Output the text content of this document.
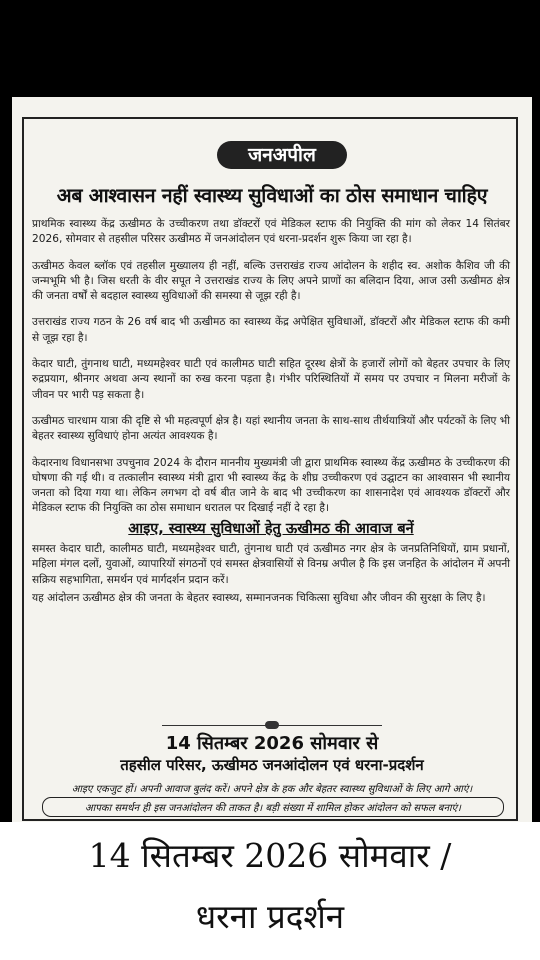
जनअपील
अब आश्वासन नहीं स्वास्थ्य सुविधाओं का ठोस समाधान चाहिए

प्राथमिक स्वास्थ्य केंद्र ऊखीमठ के उच्चीकरण तथा डॉक्टरों एवं मेडिकल स्टाफ की नियुक्ति की मांग को लेकर 14 सितंबर 2026, सोमवार से तहसील परिसर ऊखीमठ में जनआंदोलन एवं धरना-प्रदर्शन शुरू किया जा रहा है।

ऊखीमठ केवल ब्लॉक एवं तहसील मुख्यालय ही नहीं, बल्कि उत्तराखंड राज्य आंदोलन के शहीद स्व. अशोक कैशिव जी की जन्मभूमि भी है। जिस धरती के वीर सपूत ने उत्तराखंड राज्य के लिए अपने प्राणों का बलिदान दिया, आज उसी ऊखीमठ क्षेत्र की जनता वर्षों से बदहाल स्वास्थ्य सुविधाओं की समस्या से जूझ रही है।

उत्तराखंड राज्य गठन के 26 वर्ष बाद भी ऊखीमठ का स्वास्थ्य केंद्र अपेक्षित सुविधाओं, डॉक्टरों और मेडिकल स्टाफ की कमी से जूझ रहा है।

केदार घाटी, तुंगनाथ घाटी, मध्यमहेश्वर घाटी एवं कालीमठ घाटी सहित दूरस्थ क्षेत्रों के हजारों लोगों को बेहतर उपचार के लिए रुद्रप्रयाग, श्रीनगर अथवा अन्य स्थानों का रुख करना पड़ता है। गंभीर परिस्थितियों में समय पर उपचार न मिलना मरीजों के जीवन पर भारी पड़ सकता है।

ऊखीमठ चारधाम यात्रा की दृष्टि से भी महत्वपूर्ण क्षेत्र है। यहां स्थानीय जनता के साथ-साथ तीर्थयात्रियों और पर्यटकों के लिए भी बेहतर स्वास्थ्य सुविधाएं होना अत्यंत आवश्यक है।

केदारनाथ विधानसभा उपचुनाव 2024 के दौरान माननीय मुख्यमंत्री जी द्वारा प्राथमिक स्वास्थ्य केंद्र ऊखीमठ के उच्चीकरण की घोषणा की गई थी। व तत्कालीन स्वास्थ्य मंत्री द्वारा भी स्वास्थ्य केंद्र के शीघ्र उच्चीकरण एवं उद्घाटन का आश्वासन भी स्थानीय जनता को दिया गया था। लेकिन लगभग दो वर्ष बीत जाने के बाद भी उच्चीकरण का शासनादेश एवं आवश्यक डॉक्टरों और मेडिकल स्टाफ की नियुक्ति का ठोस समाधान धरातल पर दिखाई नहीं दे रहा है।

आइए, स्वास्थ्य सुविधाओं हेतु ऊखीमठ की आवाज बनें

समस्त केदार घाटी, कालीमठ घाटी, मध्यमहेश्वर घाटी, तुंगनाथ घाटी एवं ऊखीमठ नगर क्षेत्र के जनप्रतिनिधियों, ग्राम प्रधानों, महिला मंगल दलों, युवाओं, व्यापारियों संगठनों एवं समस्त क्षेत्रवासियों से विनम्र अपील है कि इस जनहित के आंदोलन में अपनी सक्रिय सहभागिता, समर्थन एवं मार्गदर्शन प्रदान करें।

यह आंदोलन ऊखीमठ क्षेत्र की जनता के बेहतर स्वास्थ्य, सम्मानजनक चिकित्सा सुविधा और जीवन की सुरक्षा के लिए है।

14 सितम्बर 2026 सोमवार से
तहसील परिसर, ऊखीमठ जनआंदोलन एवं धरना-प्रदर्शन
आइए एकजुट हों। अपनी आवाज बुलंद करें। अपने क्षेत्र के हक और बेहतर स्वास्थ्य सुविधाओं के लिए आगे आएं।
आपका समर्थन ही इस जनआंदोलन की ताकत है। बड़ी संख्या में शामिल होकर आंदोलन को सफल बनाएं।
14 सितम्बर 2026 सोमवार /
धरना प्रदर्शन
